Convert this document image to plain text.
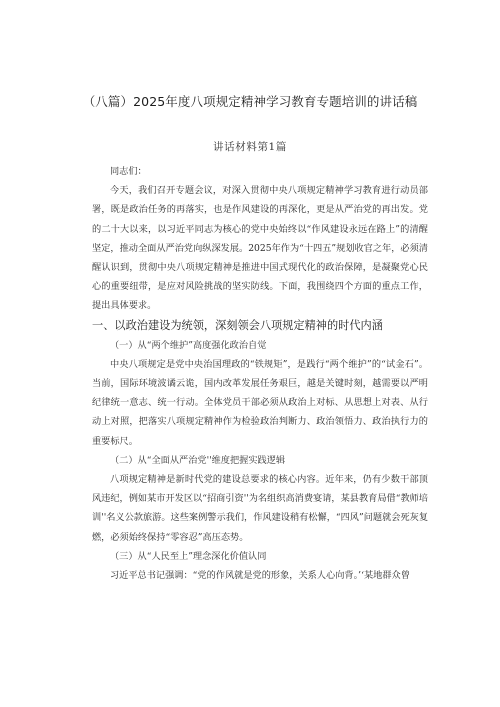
（八篇）2025年度八项规定精神学习教育专题培训的讲话稿
讲话材料第1篇

同志们：

今天，我们召开专题会议，对深入贯彻中央八项规定精神学习教育进行动员部署，既是政治任务的再落实，也是作风建设的再深化，更是从严治党的再出发。党的二十大以来，以习近平同志为核心的党中央始终以“作风建设永远在路上”的清醒坚定，推动全面从严治党向纵深发展。2025年作为“十四五”规划收官之年，必须清醒认识到，贯彻中央八项规定精神是推进中国式现代化的政治保障，是凝聚党心民心的重要纽带，是应对风险挑战的坚实防线。下面，我围绕四个方面的重点工作，提出具体要求。

一、以政治建设为统领，深刻领会八项规定精神的时代内涵

（一）从“两个维护”高度强化政治自觉

中央八项规定是党中央治国理政的“铁规矩”，是践行“两个维护”的“试金石”。当前，国际环境波谲云诡，国内改革发展任务艰巨，越是关键时刻，越需要以严明纪律统一意志、统一行动。全体党员干部必须从政治上对标、从思想上对表、从行动上对照，把落实八项规定精神作为检验政治判断力、政治领悟力、政治执行力的重要标尺。

（二）从“全面从严治党''维度把握实践逻辑

八项规定精神是新时代党的建设总要求的核心内容。近年来，仍有少数干部顶风违纪，例如某市开发区以“招商引资''为名组织高消费宴请，某县教育局借“教师培训''名义公款旅游。这些案例警示我们，作风建设稍有松懈，“四风”问题就会死灰复燃，必须始终保持“零容忍”高压态势。

（三）从“人民至上”理念深化价值认同

习近平总书记强调：“党的作风就是党的形象，关系人心向背。’‘某地群众曾
